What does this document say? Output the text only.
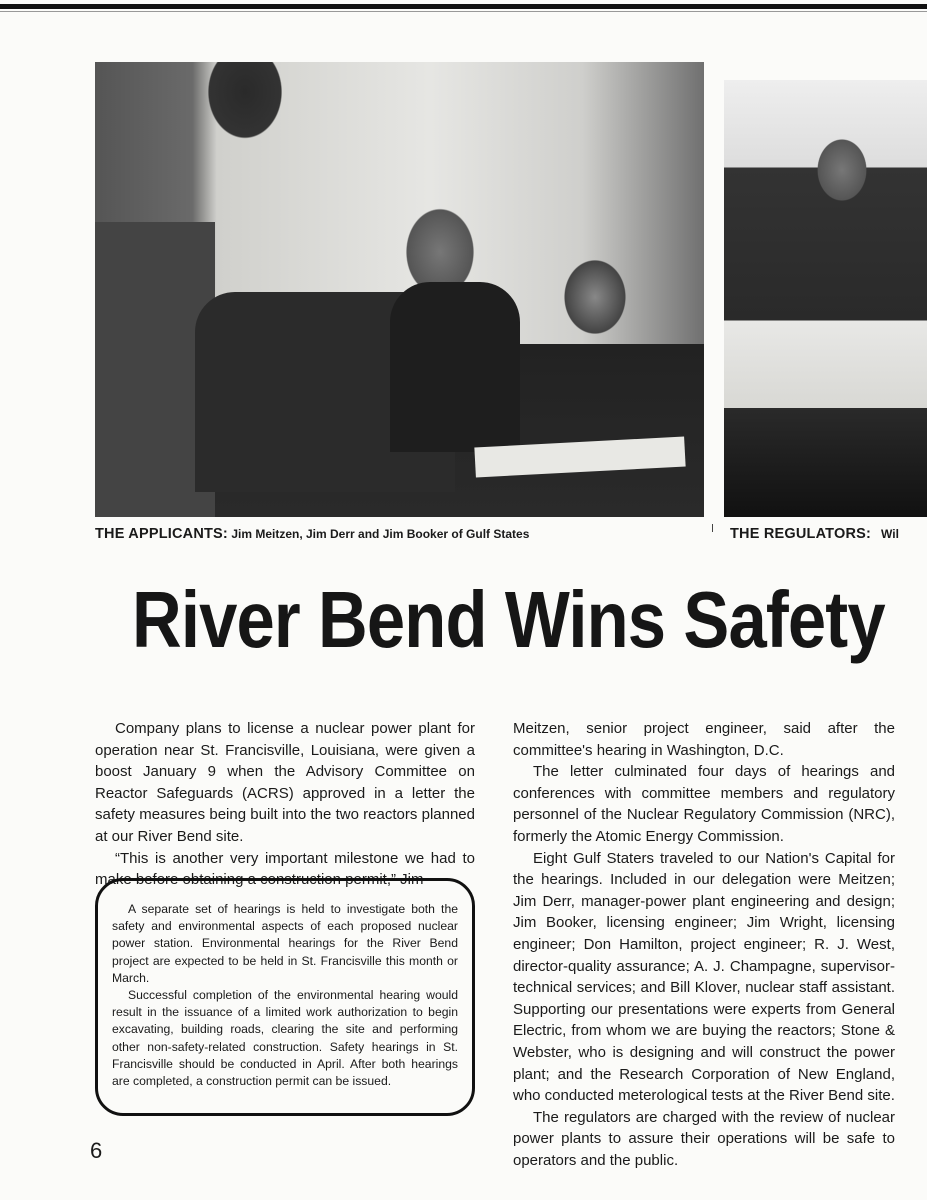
THE APPLICANTS: Jim Meitzen, Jim Derr and Jim Booker of Gulf States	THE REGULATORS: Wil
River Bend Wins Safety

Company plans to license a nuclear power plant for operation near St. Francisville, Louisiana, were given a boost January 9 when the Advisory Committee on Reactor Safeguards (ACRS) approved in a letter the safety measures being built into the two reactors planned at our River Bend site.

“This is another very important milestone we had to make before obtaining a construction permit,” Jim

A separate set of hearings is held to investigate both the safety and environmental aspects of each proposed nuclear power station. Environmental hearings for the River Bend project are expected to be held in St. Francisville this month or March.

Successful completion of the environmental hearing would result in the issuance of a limited work authorization to begin excavating, building roads, clearing the site and performing other non-safety-related construction. Safety hearings in St. Francisville should be conducted in April. After both hearings are completed, a construction permit can be issued.

Meitzen, senior project engineer, said after the committee's hearing in Washington, D.C.

The letter culminated four days of hearings and conferences with committee members and regulatory personnel of the Nuclear Regulatory Commission (NRC), formerly the Atomic Energy Commission.

Eight Gulf Staters traveled to our Nation's Capital for the hearings. Included in our delegation were Meitzen; Jim Derr, manager-power plant engineering and design; Jim Booker, licensing engineer; Jim Wright, licensing engineer; Don Hamilton, project engineer; R. J. West, director-quality assurance; A. J. Champagne, supervisor-technical services; and Bill Klover, nuclear staff assistant. Supporting our presentations were experts from General Electric, from whom we are buying the reactors; Stone & Webster, who is designing and will construct the power plant; and the Research Corporation of New England, who conducted meterological tests at the River Bend site.

The regulators are charged with the review of nuclear power plants to assure their operations will be safe to operators and the public.

6
